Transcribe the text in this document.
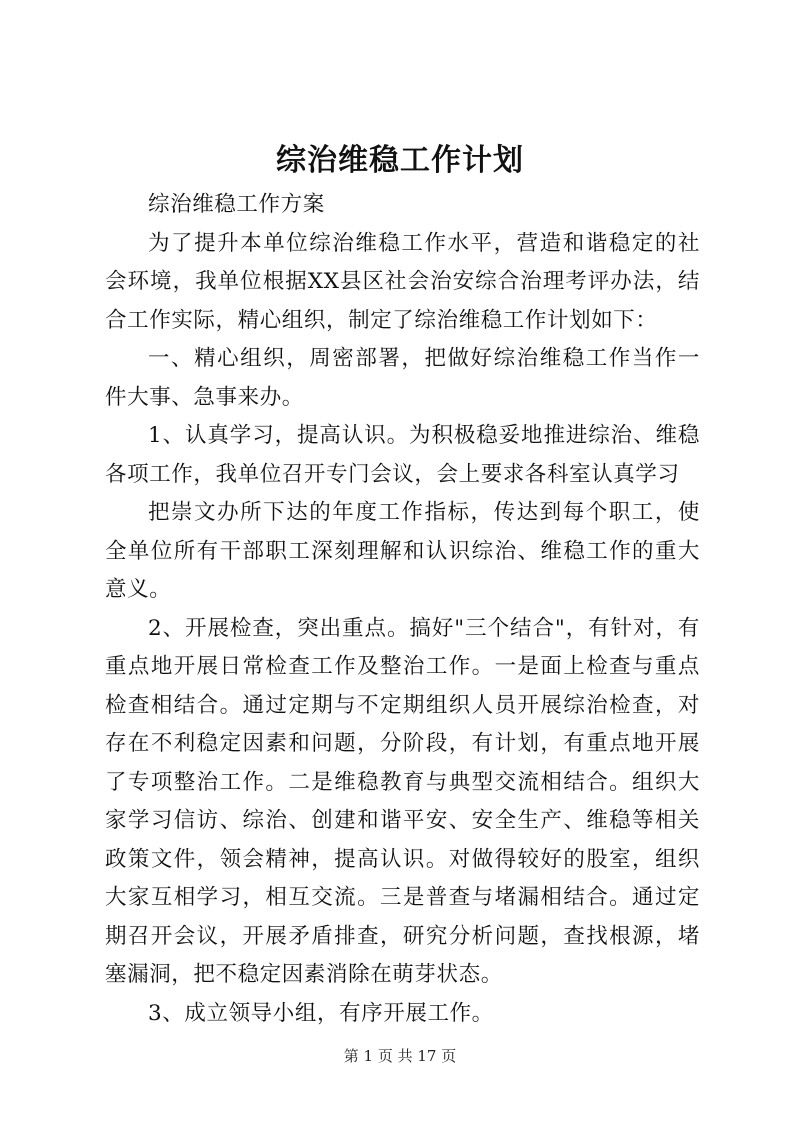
综治维稳工作计划

综治维稳工作方案

为了提升本单位综治维稳工作水平，营造和谐稳定的社会环境，我单位根据XX县区社会治安综合治理考评办法，结合工作实际，精心组织，制定了综治维稳工作计划如下：

一、精心组织，周密部署，把做好综治维稳工作当作一件大事、急事来办。

1、认真学习，提高认识。为积极稳妥地推进综治、维稳各项工作，我单位召开专门会议，会上要求各科室认真学习

把崇文办所下达的年度工作指标，传达到每个职工，使全单位所有干部职工深刻理解和认识综治、维稳工作的重大意义。

2、开展检查，突出重点。搞好"三个结合"，有针对，有重点地开展日常检查工作及整治工作。一是面上检查与重点检查相结合。通过定期与不定期组织人员开展综治检查，对存在不利稳定因素和问题，分阶段，有计划，有重点地开展了专项整治工作。二是维稳教育与典型交流相结合。组织大家学习信访、综治、创建和谐平安、安全生产、维稳等相关政策文件，领会精神，提高认识。对做得较好的股室，组织大家互相学习，相互交流。三是普查与堵漏相结合。通过定期召开会议，开展矛盾排查，研究分析问题，查找根源，堵塞漏洞，把不稳定因素消除在萌芽状态。

3、成立领导小组，有序开展工作。

第 1 页 共 17 页
